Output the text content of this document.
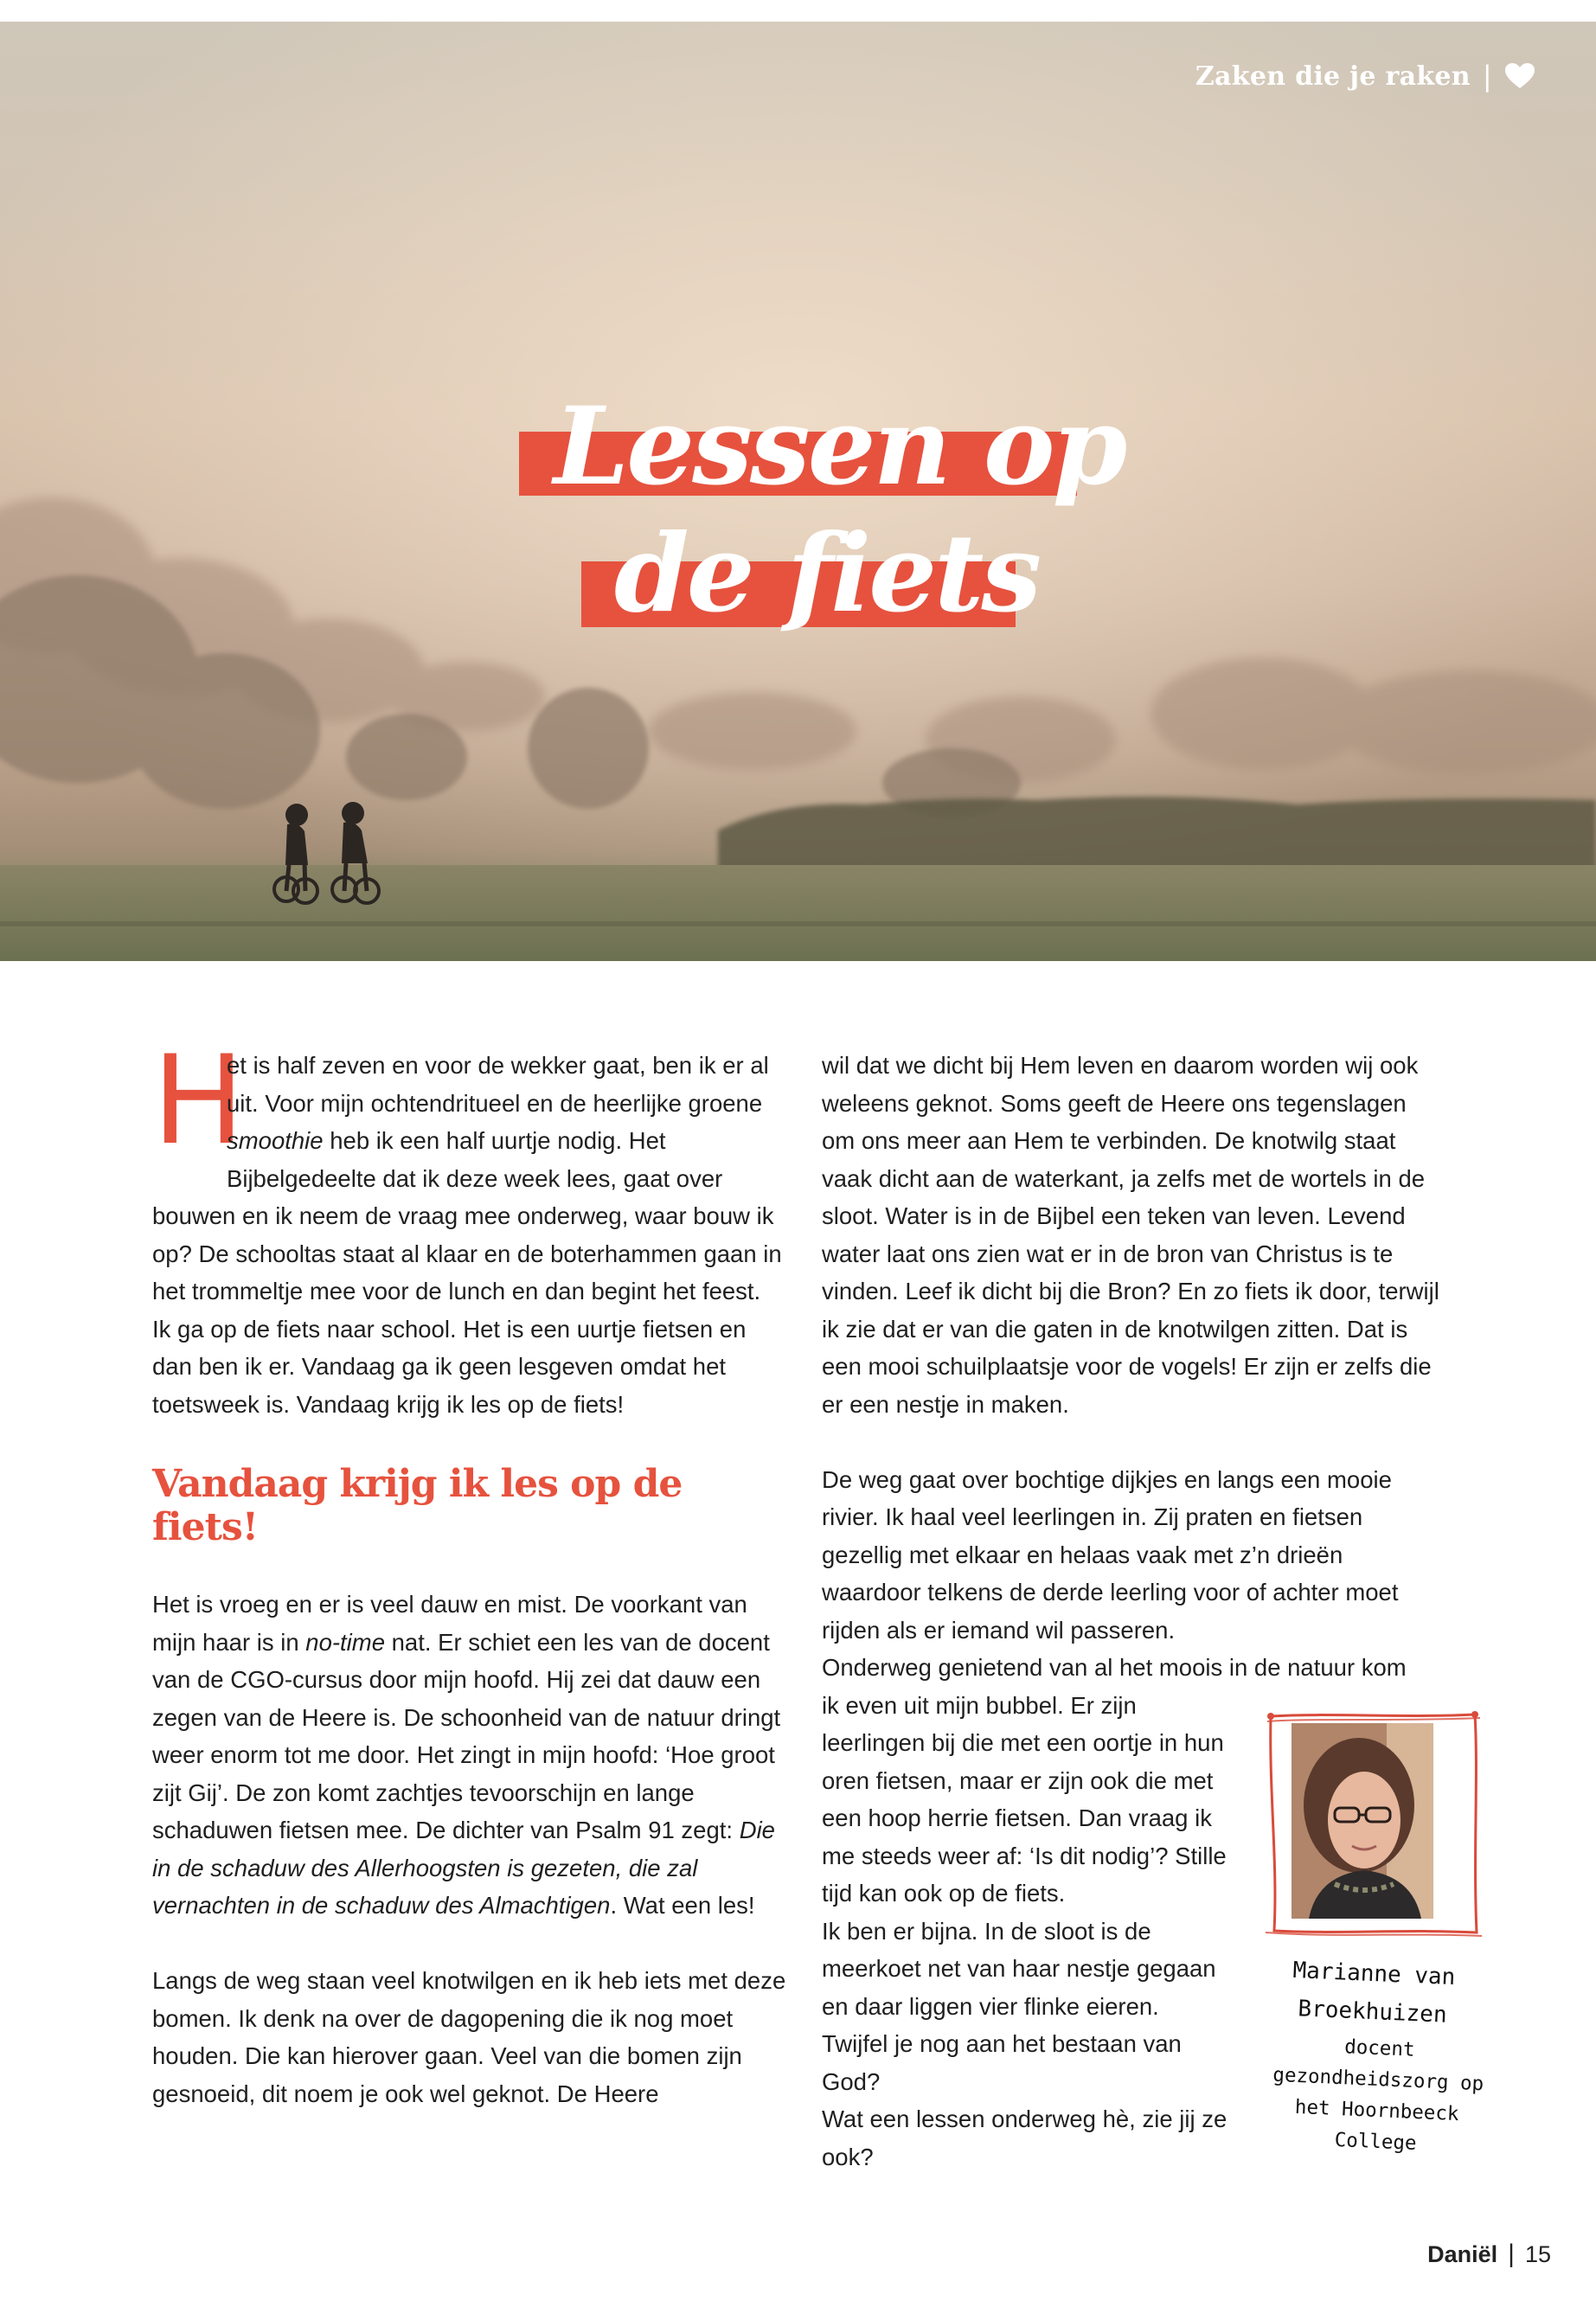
Zaken die je raken |
Lessen op
de fiets

H
et is half zeven en voor de wekker gaat, ben ik er al uit. Voor mijn ochtendritueel en de heerlijke groene smoothie heb ik een half uurtje nodig. Het Bijbelgedeelte dat ik deze week lees, gaat over bouwen en ik neem de vraag mee onderweg, waar bouw ik op? De schooltas staat al klaar en de boterhammen gaan in het trommeltje mee voor de lunch en dan begint het feest.

Ik ga op de fiets naar school. Het is een uurtje fietsen en dan ben ik er. Vandaag ga ik geen lesgeven omdat het toetsweek is. Vandaag krijg ik les op de fiets!

Vandaag krijg ik les op de fiets!

Het is vroeg en er is veel dauw en mist. De voorkant van mijn haar is in no-time nat. Er schiet een les van de docent van de CGO-cursus door mijn hoofd. Hij zei dat dauw een zegen van de Heere is. De schoonheid van de natuur dringt weer enorm tot me door. Het zingt in mijn hoofd: ‘Hoe groot zijt Gij’. De zon komt zachtjes tevoorschijn en lange schaduwen fietsen mee. De dichter van Psalm 91 zegt: Die in de schaduw des Allerhoogsten is gezeten, die zal vernachten in de schaduw des Almachtigen. Wat een les!

Langs de weg staan veel knotwilgen en ik heb iets met deze bomen. Ik denk na over de dagopening die ik nog moet houden. Die kan hierover gaan. Veel van die bomen zijn gesnoeid, dit noem je ook wel geknot. De Heere

wil dat we dicht bij Hem leven en daarom worden wij ook weleens geknot. Soms geeft de Heere ons tegenslagen om ons meer aan Hem te verbinden. De knotwilg staat vaak dicht aan de waterkant, ja zelfs met de wortels in de sloot. Water is in de Bijbel een teken van leven. Levend water laat ons zien wat er in de bron van Christus is te vinden. Leef ik dicht bij die Bron? En zo fiets ik door, terwijl ik zie dat er van die gaten in de knotwilgen zitten. Dat is een mooi schuilplaatsje voor de vogels! Er zijn er zelfs die er een nestje in maken.

De weg gaat over bochtige dijkjes en langs een mooie rivier. Ik haal veel leerlingen in. Zij praten en fietsen gezellig met elkaar en helaas vaak met z’n drieën waardoor telkens de derde leerling voor of achter moet rijden als er iemand wil passeren.

Onderweg genietend van al het moois in de natuur kom

ik even uit mijn bubbel. Er zijn leerlingen bij die met een oortje in hun oren fietsen, maar er zijn ook die met een hoop herrie fietsen. Dan vraag ik me steeds weer af: ‘Is dit nodig’? Stille tijd kan ook op de fiets.

Ik ben er bijna. In de sloot is de meerkoet net van haar nestje gegaan en daar liggen vier flinke eieren. Twijfel je nog aan het bestaan van God?

Wat een lessen onderweg hè, zie jij ze ook?

Marianne van Broekhuizen
docent gezondheidszorg op het Hoornbeeck College
Daniël | 15
